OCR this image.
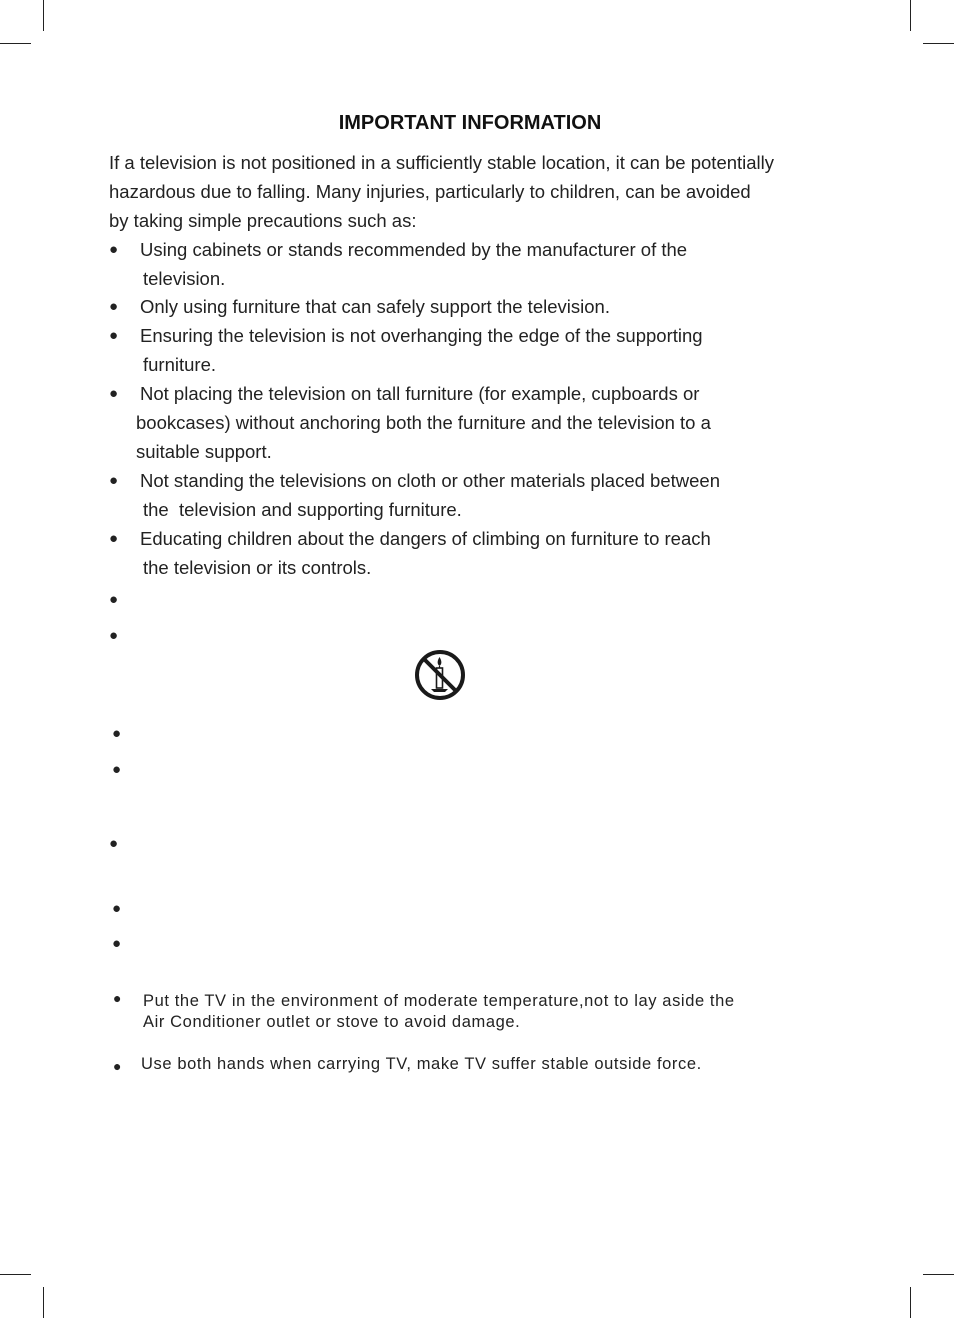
IMPORTANT INFORMATION

If a television is not positioned in a sufficiently stable location, it can be potentially
hazardous due to falling. Many injuries, particularly to children, can be avoided
by taking simple precautions such as:

● Using cabinets or stands recommended by the manufacturer of the
television.
● Only using furniture that can safely support the television.
● Ensuring the television is not overhanging the edge of the supporting
furniture.
● Not placing the television on tall furniture (for example, cupboards or
bookcases) without anchoring both the furniture and the television to a
suitable support.
● Not standing the televisions on cloth or other materials placed between
the  television and supporting furniture.
● Educating children about the dangers of climbing on furniture to reach
the television or its controls.
●
●
●
●
●
●
●
● Put the TV in the environment of moderate temperature,not to lay aside the
Air Conditioner outlet or stove to avoid damage.

● Use both hands when carrying TV, make TV suffer stable outside force.
